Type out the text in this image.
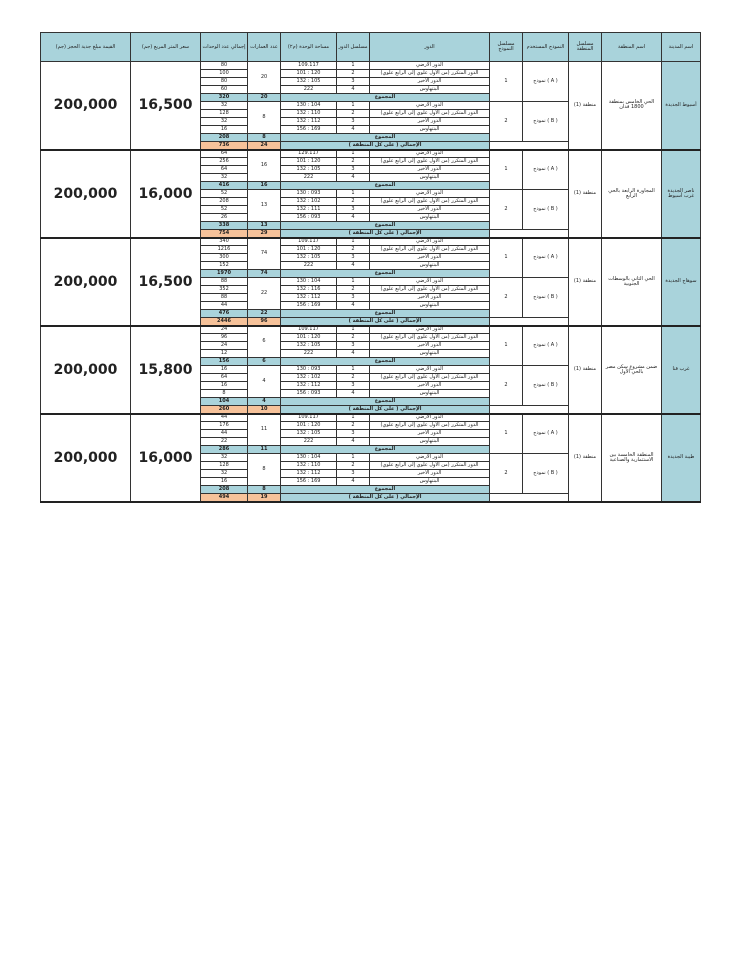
القيمة مبلغ جدية الحجز (جم)	سعر المتر المربع (جم)	إجمالي عدد الوحدات	عدد العمارات	مساحة الوحدة (م٢)	مسلسل الدور	الدور	مسلسل النموذج	النموذج المستخدم	مسلسل المنطقة	اسم المنطقة	اسم المدينة
200,000	16,500	80	20	109.117	1	الدور الأرضي	1	نموذج ( A )	منطقة (1)	الحي الخامس بمنطقة 1800 فدان	أسيوط الجديدة
		100		101 : 120	2	الدور المتكرر (من الأول علوي إلى الرابع علوي)					
		80		132 : 105	3	الدور الأخير					
		60		222	4	البنتهاوس					
		320	20	المجموع							
		32	8	130 : 104	1	الدور الأرضي	2	نموذج ( B )			
		128		132 : 110	2	الدور المتكرر (من الأول علوي إلى الرابع علوي)					
		32		132 : 112	3	الدور الأخير					
		16		156 : 169	4	البنتهاوس					
		208	8	المجموع							
		736	24	الإجمالي ( على كل المنطقة )							
200,000	16,000	64	16	129.117	1	الدور الأرضي	1	نموذج ( A )	منطقة (1)	المجاورة الرابعة بالحي الرابع	ناصر الجديدة غرب أسيوط
		256		101 : 120	2	الدور المتكرر (من الأول علوي إلى الرابع علوي)					
		64		132 : 105	3	الدور الأخير					
		32		222	4	البنتهاوس					
		416	16	المجموع							
		52	13	130 : 093	1	الدور الأرضي	2	نموذج ( B )			
		208		132 : 102	2	الدور المتكرر (من الأول علوي إلى الرابع علوي)					
		52		132 : 111	3	الدور الأخير					
		26		156 : 093	4	البنتهاوس					
		338	13	المجموع							
		754	29	الإجمالي ( على كل المنطقة )							
200,000	16,500	340	74	109.117	1	الدور الأرضي	1	نموذج ( A )	منطقة (1)	الحي الثاني بالوسطات الجنوبية	سوهاج الجديدة
		1216		101 : 120	2	الدور المتكرر (من الأول علوي إلى الرابع علوي)					
		300		132 : 105	3	الدور الأخير					
		152		222	4	البنتهاوس					
		1970	74	المجموع							
		88	22	130 : 104	1	الدور الأرضي	2	نموذج ( B )			
		352		132 : 116	2	الدور المتكرر (من الأول علوي إلى الرابع علوي)					
		88		132 : 112	3	الدور الأخير					
		44		156 : 169	4	البنتهاوس					
		476	22	المجموع							
		2446	96	الإجمالي ( على كل المنطقة )							
200,000	15,800	24	6	109.117	1	الدور الأرضي	1	نموذج ( A )	منطقة (1)	ضمن مشروع سكن مصر بالحي الأول	غرب قنا
		96		101 : 120	2	الدور المتكرر (من الأول علوي إلى الرابع علوي)					
		24		132 : 105	3	الدور الأخير					
		12		222	4	البنتهاوس					
		156	6	المجموع							
		16	4	130 : 093	1	الدور الأرضي	2	نموذج ( B )			
		64		132 : 102	2	الدور المتكرر (من الأول علوي إلى الرابع علوي)					
		16		132 : 112	3	الدور الأخير					
		8		156 : 093	4	البنتهاوس					
		104	4	المجموع							
		260	10	الإجمالي ( على كل المنطقة )							
200,000	16,000	44	11	109.117	1	الدور الأرضي	1	نموذج ( A )	منطقة (1)	المنطقة الخامسة بين الاستثمارية والصناعية	طيبة الجديدة
		176		101 : 120	2	الدور المتكرر (من الأول علوي إلى الرابع علوي)					
		44		132 : 105	3	الدور الأخير					
		22		222	4	البنتهاوس					
		286	11	المجموع							
		32	8	130 : 104	1	الدور الأرضي	2	نموذج ( B )			
		128		132 : 110	2	الدور المتكرر (من الأول علوي إلى الرابع علوي)					
		32		132 : 112	3	الدور الأخير					
		16		156 : 169	4	البنتهاوس					
		208	8	المجموع							
		494	19	الإجمالي ( على كل المنطقة )							
